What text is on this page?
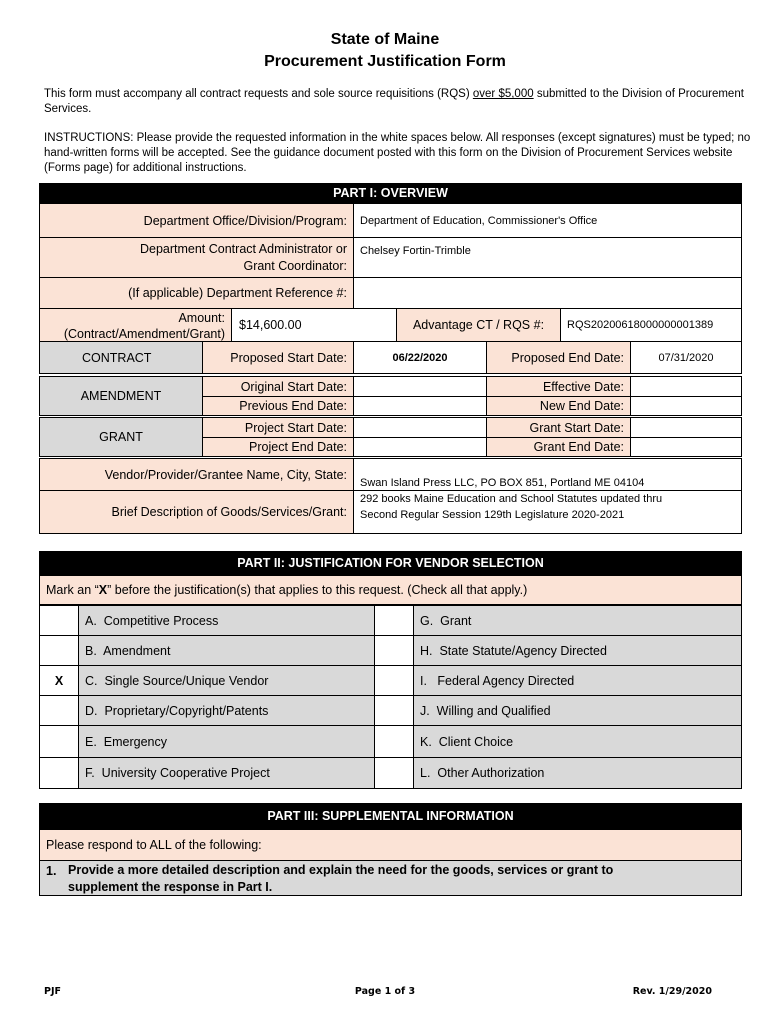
State of Maine
Procurement Justification Form
This form must accompany all contract requests and sole source requisitions (RQS) over $5,000 submitted to the Division of Procurement Services.
INSTRUCTIONS: Please provide the requested information in the white spaces below. All responses (except signatures) must be typed; no hand-written forms will be accepted. See the guidance document posted with this form on the Division of Procurement Services website (Forms page) for additional instructions.
PART I: OVERVIEW
Department Office/Division/Program: Department of Education, Commissioner's Office
Department Contract Administrator or
Grant Coordinator:
Chelsey Fortin-Trimble
(If applicable) Department Reference #:
Amount:
(Contract/Amendment/Grant)
$14,600.00	Advantage CT / RQS #: RQS20200618000000001389
CONTRACT	Proposed Start Date:	06/22/2020	Proposed End Date:	07/31/2020
AMENDMENT
Original Start Date:	Effective Date:
Previous End Date:	New End Date:
GRANT
Project Start Date:	Grant Start Date:
Project End Date:	Grant End Date:
Vendor/Provider/Grantee Name, City, State:
Swan Island Press LLC, PO BOX 851, Portland ME 04104
Brief Description of Goods/Services/Grant:
292 books Maine Education and School Statutes updated thru
Second Regular Session 129th Legislature 2020-2021
PART II: JUSTIFICATION FOR VENDOR SELECTION
Mark an “ X ” before the justification(s) that applies to this request. (Check all that apply.)
A.  Competitive Process	G.  Grant
B.  Amendment	H.  State Statute/Agency Directed
X C.  Single Source/Unique Vendor	I.   Federal Agency Directed
D.  Proprietary/Copyright/Patents	J.  Willing and Qualified
E.  Emergency	K.  Client Choice
F.  University Cooperative Project	L.  Other Authorization
PART III: SUPPLEMENTAL INFORMATION
Please respond to ALL of the following:
1. Provide a more detailed description and explain the need for the goods, services or grant to
supplement the response in Part I.
PJF	Page 1 of 3	Rev. 1/29/2020
